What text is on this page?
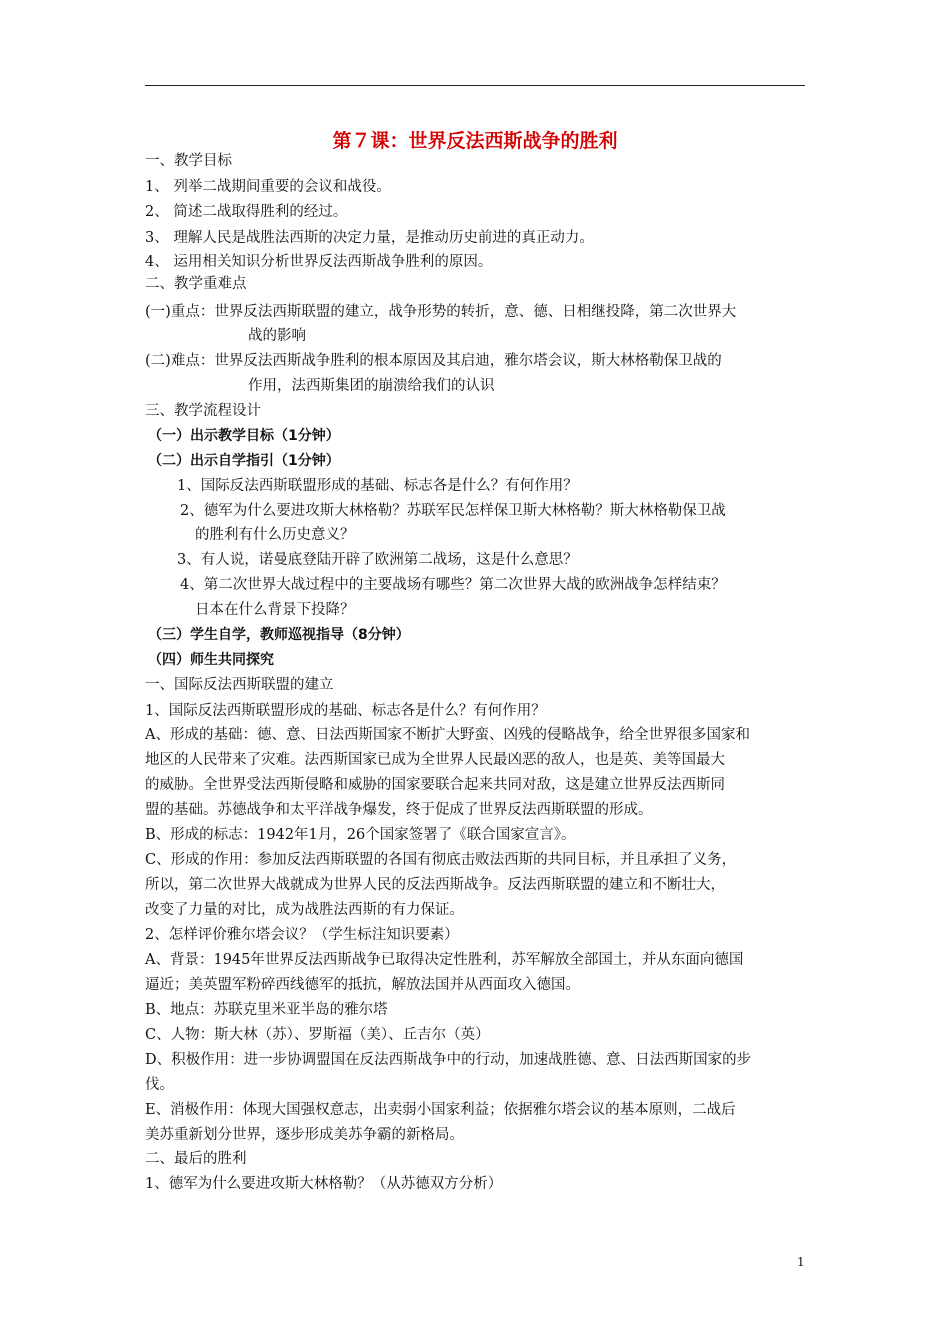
第７课：世界反法西斯战争的胜利
一、教学目标
1、 列举二战期间重要的会议和战役。
2、 简述二战取得胜利的经过。
3、 理解人民是战胜法西斯的决定力量，是推动历史前进的真正动力。
4、 运用相关知识分析世界反法西斯战争胜利的原因。
二、教学重难点
(一)重点：世界反法西斯联盟的建立，战争形势的转折，意、德、日相继投降，第二次世界大
战的影响
(二)难点：世界反法西斯战争胜利的根本原因及其启迪，雅尔塔会议，斯大林格勒保卫战的
作用，法西斯集团的崩溃给我们的认识
三、教学流程设计
（一）出示教学目标（1分钟）
（二）出示自学指引（1分钟）
1、国际反法西斯联盟形成的基础、标志各是什么？有何作用？
2、德军为什么要进攻斯大林格勒？苏联军民怎样保卫斯大林格勒？斯大林格勒保卫战
的胜利有什么历史意义？
3、有人说，诺曼底登陆开辟了欧洲第二战场，这是什么意思？
4、第二次世界大战过程中的主要战场有哪些？第二次世界大战的欧洲战争怎样结束？
日本在什么背景下投降？
（三）学生自学，教师巡视指导（8分钟）
（四）师生共同探究
一、国际反法西斯联盟的建立
1、国际反法西斯联盟形成的基础、标志各是什么？有何作用？
A、形成的基础：德、意、日法西斯国家不断扩大野蛮、凶残的侵略战争，给全世界很多国家和
地区的人民带来了灾难。法西斯国家已成为全世界人民最凶恶的敌人，也是英、美等国最大
的威胁。全世界受法西斯侵略和威胁的国家要联合起来共同对敌，这是建立世界反法西斯同
盟的基础。苏德战争和太平洋战争爆发，终于促成了世界反法西斯联盟的形成。
B、形成的标志：1942年1月，26个国家签署了《联合国家宣言》。
C、形成的作用：参加反法西斯联盟的各国有彻底击败法西斯的共同目标，并且承担了义务，
所以，第二次世界大战就成为世界人民的反法西斯战争。反法西斯联盟的建立和不断壮大，
改变了力量的对比，成为战胜法西斯的有力保证。
2、怎样评价雅尔塔会议？（学生标注知识要素）
A、背景：1945年世界反法西斯战争已取得决定性胜利，苏军解放全部国土，并从东面向德国
逼近；美英盟军粉碎西线德军的抵抗，解放法国并从西面攻入德国。
B、地点：苏联克里米亚半岛的雅尔塔
C、人物：斯大林（苏）、罗斯福（美）、丘吉尔（英）
D、积极作用：进一步协调盟国在反法西斯战争中的行动，加速战胜德、意、日法西斯国家的步
伐。
E、消极作用：体现大国强权意志，出卖弱小国家利益；依据雅尔塔会议的基本原则，二战后
美苏重新划分世界，逐步形成美苏争霸的新格局。
二、最后的胜利
1、德军为什么要进攻斯大林格勒？（从苏德双方分析）
1
